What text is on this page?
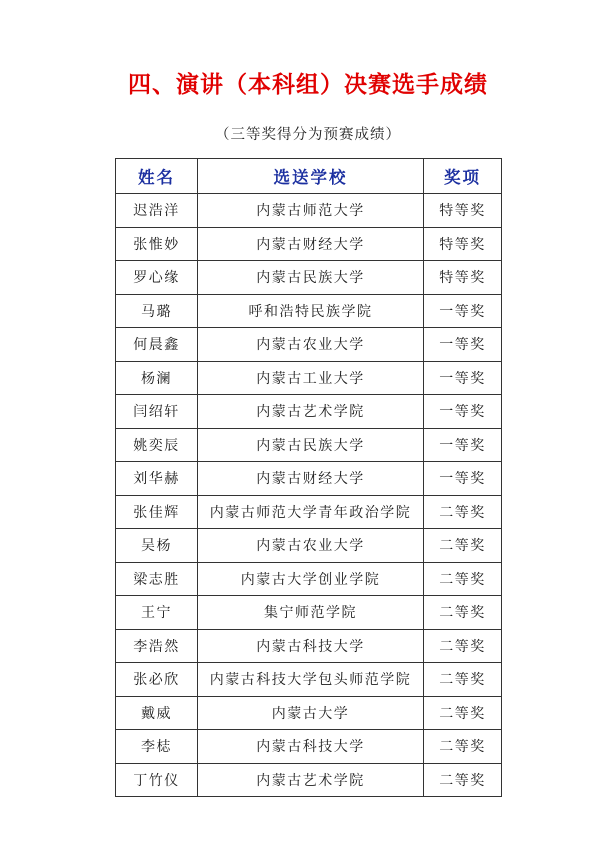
四、演讲（本科组）决赛选手成绩
（三等奖得分为预赛成绩）
姓名	选送学校	奖项
迟浩洋	内蒙古师范大学	特等奖
张惟妙	内蒙古财经大学	特等奖
罗心缘	内蒙古民族大学	特等奖
马璐	呼和浩特民族学院	一等奖
何晨鑫	内蒙古农业大学	一等奖
杨澜	内蒙古工业大学	一等奖
闫绍轩	内蒙古艺术学院	一等奖
姚奕辰	内蒙古民族大学	一等奖
刘华赫	内蒙古财经大学	一等奖
张佳辉	内蒙古师范大学青年政治学院	二等奖
吴杨	内蒙古农业大学	二等奖
梁志胜	内蒙古大学创业学院	二等奖
王宁	集宁师范学院	二等奖
李浩然	内蒙古科技大学	二等奖
张必欣	内蒙古科技大学包头师范学院	二等奖
戴威	内蒙古大学	二等奖
李梽	内蒙古科技大学	二等奖
丁竹仪	内蒙古艺术学院	二等奖
